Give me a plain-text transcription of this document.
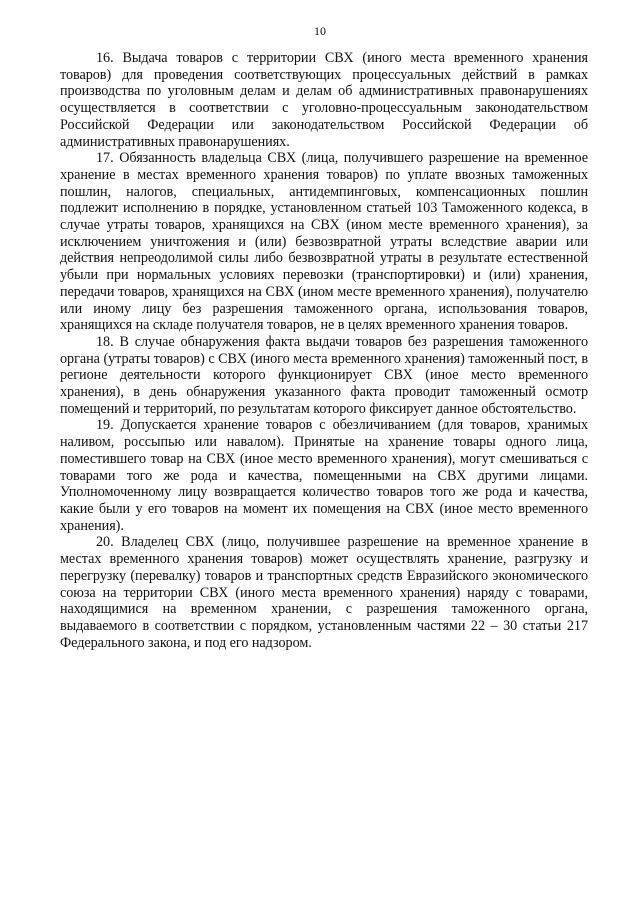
10

16. Выдача товаров с территории СВХ (иного места временного хранения товаров) для проведения соответствующих процессуальных действий в рамках производства по уголовным делам и делам об административных правонарушениях осуществляется в соответствии с уголовно-процессуальным законодательством Российской Федерации или законодательством Российской Федерации об административных правонарушениях.

17. Обязанность владельца СВХ (лица, получившего разрешение на временное хранение в местах временного хранения товаров) по уплате ввозных таможенных пошлин, налогов, специальных, антидемпинговых, компенсационных пошлин подлежит исполнению в порядке, установленном статьей 103 Таможенного кодекса, в случае утраты товаров, хранящихся на СВХ (ином месте временного хранения), за исключением уничтожения и (или) безвозвратной утраты вследствие аварии или действия непреодолимой силы либо безвозвратной утраты в результате естественной убыли при нормальных условиях перевозки (транспортировки) и (или) хранения, передачи товаров, хранящихся на СВХ (ином месте временного хранения), получателю или иному лицу без разрешения таможенного органа, использования товаров, хранящихся на складе получателя товаров, не в целях временного хранения товаров.

18. В случае обнаружения факта выдачи товаров без разрешения таможенного органа (утраты товаров) с СВХ (иного места временного хранения) таможенный пост, в регионе деятельности которого функционирует СВХ (иное место временного хранения), в день обнаружения указанного факта проводит таможенный осмотр помещений и территорий, по результатам которого фиксирует данное обстоятельство.

19. Допускается хранение товаров с обезличиванием (для товаров, хранимых наливом, россыпью или навалом). Принятые на хранение товары одного лица, поместившего товар на СВХ (иное место временного хранения), могут смешиваться с товарами того же рода и качества, помещенными на СВХ другими лицами. Уполномоченному лицу возвращается количество товаров того же рода и качества, какие были у его товаров на момент их помещения на СВХ (иное место временного хранения).

20. Владелец СВХ (лицо, получившее разрешение на временное хранение в местах временного хранения товаров) может осуществлять хранение, разгрузку и перегрузку (перевалку) товаров и транспортных средств Евразийского экономического союза на территории СВХ (иного места временного хранения) наряду с товарами, находящимися на временном хранении, с разрешения таможенного органа, выдаваемого в соответствии с порядком, установленным частями 22 – 30 статьи 217 Федерального закона, и под его надзором.
